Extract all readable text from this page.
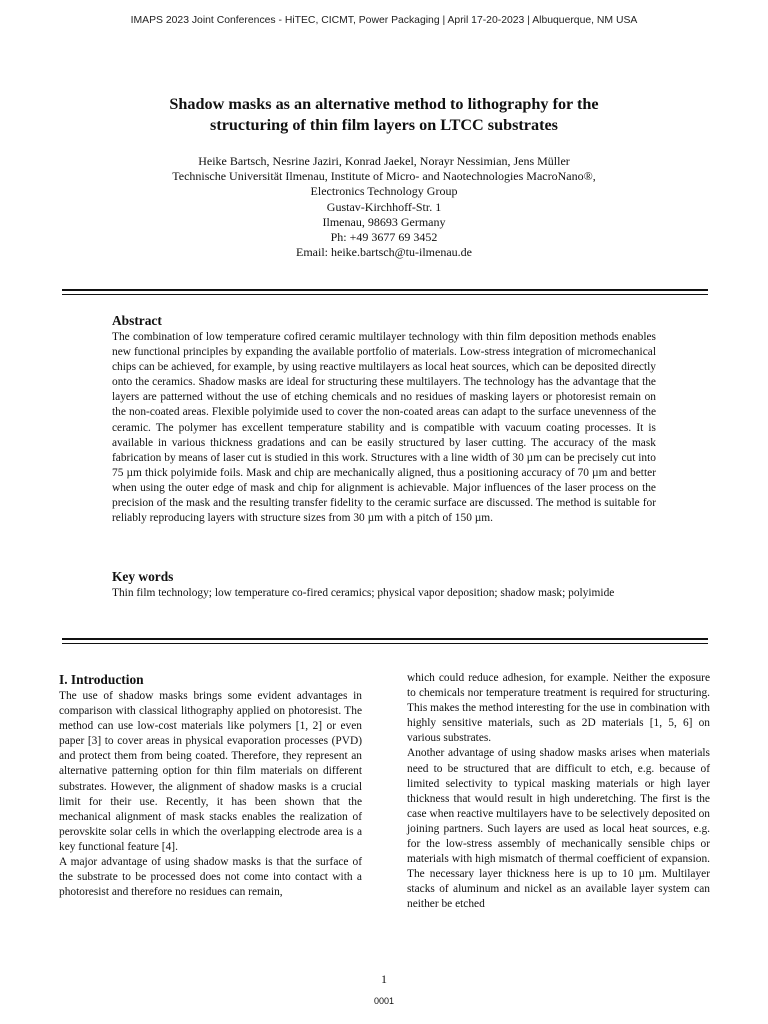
IMAPS 2023 Joint Conferences - HiTEC, CICMT, Power Packaging | April 17-20-2023 | Albuquerque, NM USA
Shadow masks as an alternative method to lithography for the
structuring of thin film layers on LTCC substrates
Heike Bartsch, Nesrine Jaziri, Konrad Jaekel, Norayr Nessimian, Jens Müller
Technische Universität Ilmenau, Institute of Micro- and Naotechnologies MacroNano®,
Electronics Technology Group
Gustav-Kirchhoff-Str. 1
Ilmenau, 98693 Germany
Ph: +49 3677 69 3452
Email: heike.bartsch@tu-ilmenau.de
Abstract

The combination of low temperature cofired ceramic multilayer technology with thin film deposition methods enables new functional principles by expanding the available portfolio of materials. Low-stress integration of micromechanical chips can be achieved, for example, by using reactive multilayers as local heat sources, which can be deposited directly onto the ceramics. Shadow masks are ideal for structuring these multilayers. The technology has the advantage that the layers are patterned without the use of etching chemicals and no residues of masking layers or photoresist remain on the non-coated areas. Flexible polyimide used to cover the non-coated areas can adapt to the surface unevenness of the ceramic. The polymer has excellent temperature stability and is compatible with vacuum coating processes. It is available in various thickness gradations and can be easily structured by laser cutting. The accuracy of the mask fabrication by means of laser cut is studied in this work. Structures with a line width of 30 µm can be precisely cut into 75 µm thick polyimide foils. Mask and chip are mechanically aligned, thus a positioning accuracy of 70 µm and better when using the outer edge of mask and chip for alignment is achievable. Major influences of the laser process on the precision of the mask and the resulting transfer fidelity to the ceramic surface are discussed. The method is suitable for reliably reproducing layers with structure sizes from 30 µm with a pitch of 150 µm.

Key words

Thin film technology; low temperature co-fired ceramics; physical vapor deposition; shadow mask; polyimide

I. Introduction

The use of shadow masks brings some evident advantages in comparison with classical lithography applied on photoresist. The method can use low-cost materials like polymers [1, 2] or even paper [3] to cover areas in physical evaporation processes (PVD) and protect them from being coated. Therefore, they represent an alternative patterning option for thin film materials on different substrates. However, the alignment of shadow masks is a crucial limit for their use. Recently, it has been shown that the mechanical alignment of mask stacks enables the realization of perovskite solar cells in which the overlapping electrode area is a key functional feature [4].

A major advantage of using shadow masks is that the surface of the substrate to be processed does not come into contact with a photoresist and therefore no residues can remain,

which could reduce adhesion, for example. Neither the exposure to chemicals nor temperature treatment is required for structuring. This makes the method interesting for the use in combination with highly sensitive materials, such as 2D materials [1, 5, 6] on various substrates.

Another advantage of using shadow masks arises when materials need to be structured that are difficult to etch, e.g. because of limited selectivity to typical masking materials or high layer thickness that would result in high underetching. The first is the case when reactive multilayers have to be selectively deposited on joining partners. Such layers are used as local heat sources, e.g. for the low-stress assembly of mechanically sensible chips or materials with high mismatch of thermal coefficient of expansion. The necessary layer thickness here is up to 10 µm. Multilayer stacks of aluminum and nickel as an available layer system can neither be etched

1
0001
